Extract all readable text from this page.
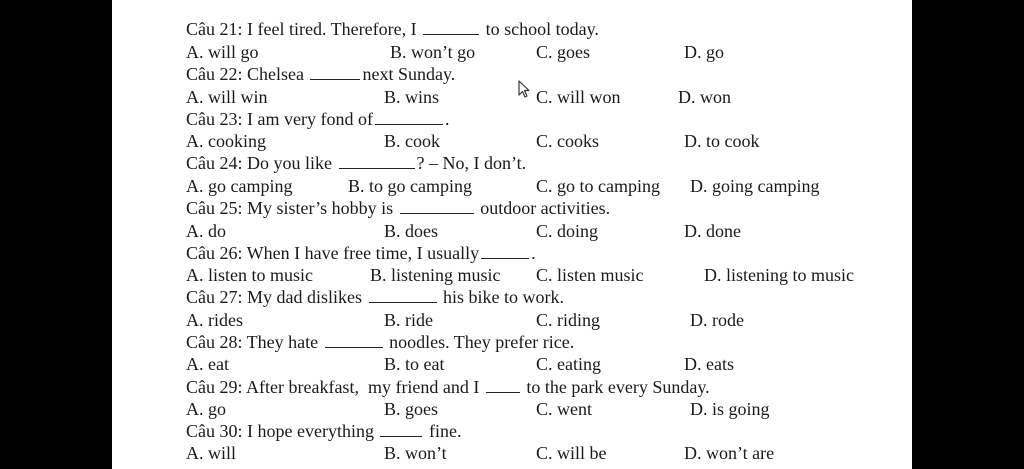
Câu 21: I feel tired. Therefore, I	to school today.
A. will go	B. won’t go	C. goes	D. go
Câu 22: Chelsea	next Sunday.
A. will win	B. wins	C. will won	D. won
Câu 23: I am very fond of	.
A. cooking	B. cook	C. cooks	D. to cook
Câu 24: Do you like	? – No, I don’t.
A. go camping	B. to go camping	C. go to camping D. going camping
Câu 25: My sister’s hobby is	outdoor activities.
A. do	B. does	C. doing	D. done
Câu 26: When I have free time, I usually	.
A. listen to music	B. listening music C. listen music	D. listening to music
Câu 27: My dad dislikes	his bike to work.
A. rides	B. ride	C. riding	D. rode
Câu 28: They hate	noodles. They prefer rice.
A. eat	B. to eat	C. eating	D. eats
Câu 29: After breakfast,  my friend and I  to the park every Sunday.
A. go	B. goes	C. went	D. is going
Câu 30: I hope everything	fine.
A. will	B. won’t	C. will be	D. won’t are
